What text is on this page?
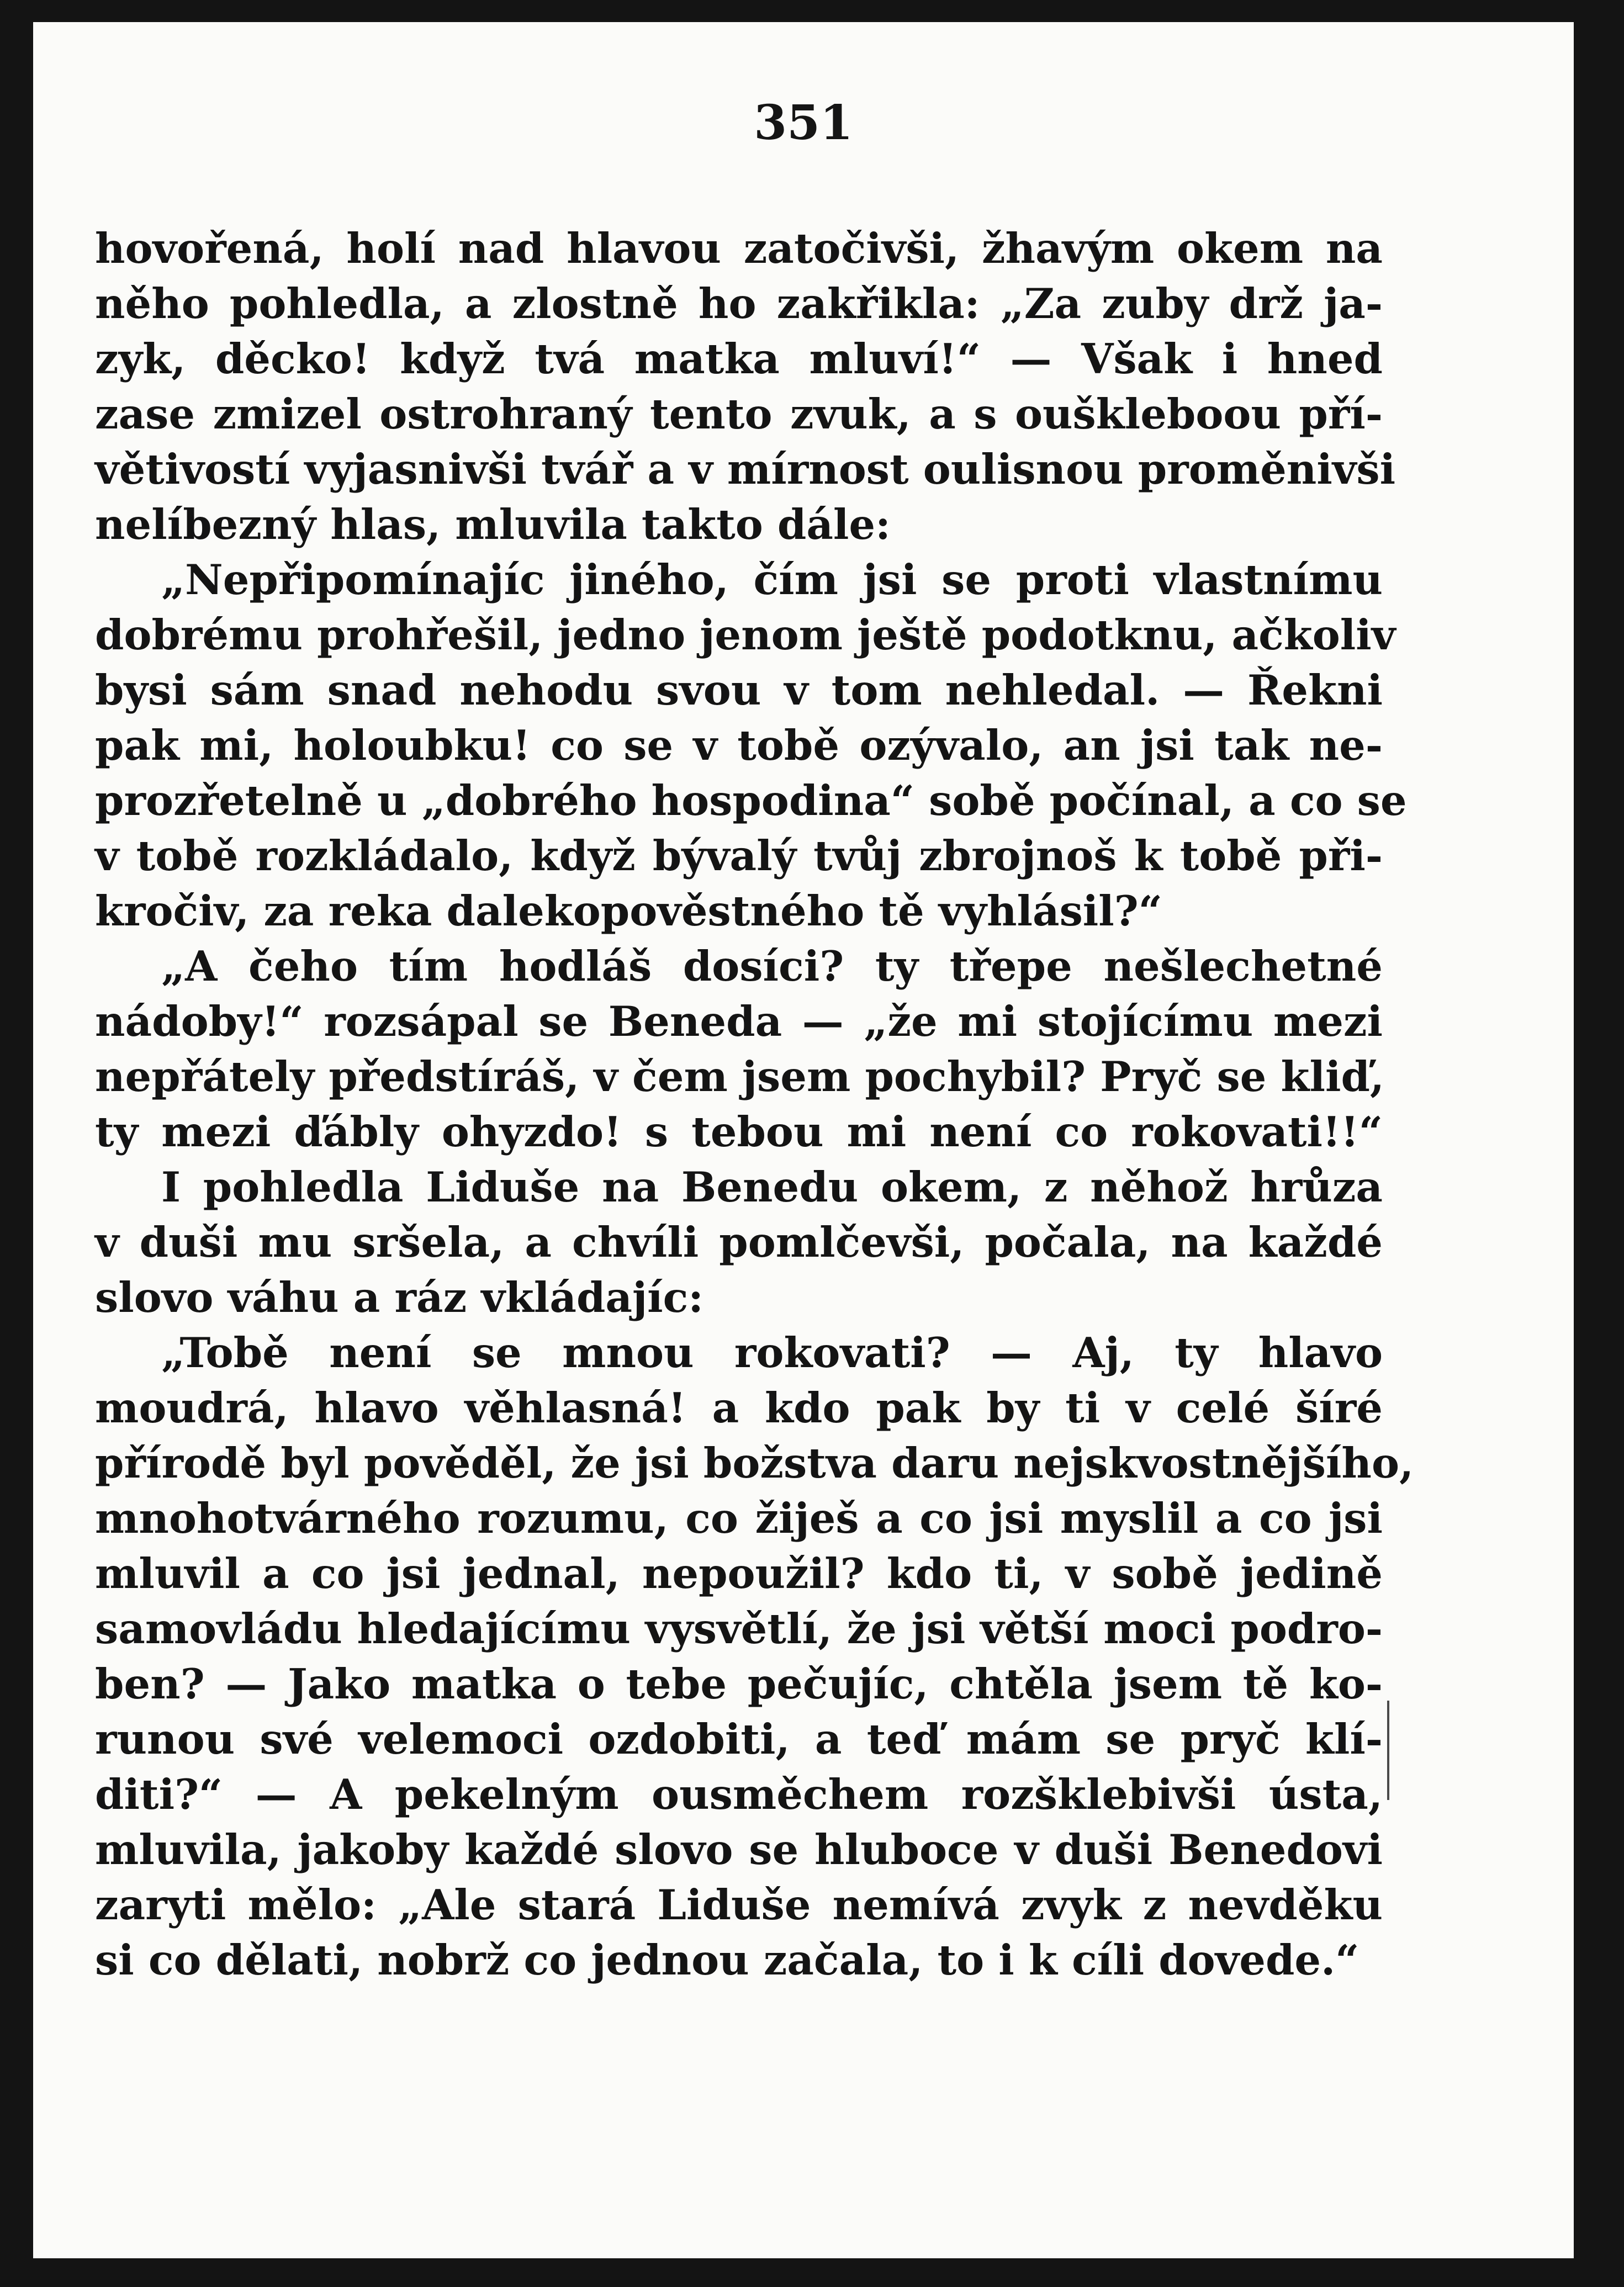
351
hovořená, holí nad hlavou zatočivši, žhavým okem na
něho pohledla, a zlostně ho zakřikla: „Za zuby drž ja-
zyk, děcko! když tvá matka mluví!“ — Však i hned
zase zmizel ostrohraný tento zvuk, a s ouškleboou pří-
větivostí vyjasnivši tvář a v mírnost oulisnou proměnivši
nelíbezný hlas, mluvila takto dále:
„Nepřipomínajíc jiného, čím jsi se proti vlastnímu
dobrému prohřešil, jedno jenom ještě podotknu, ačkoliv
bysi sám snad nehodu svou v tom nehledal. — Řekni
pak mi, holoubku! co se v tobě ozývalo, an jsi tak ne-
prozřetelně u „dobrého hospodina“ sobě počínal, a co se
v tobě rozkládalo, když bývalý tvůj zbrojnoš k tobě při-
kročiv, za reka dalekopověstného tě vyhlásil?“
„A čeho tím hodláš dosíci? ty třepe nešlechetné
nádoby!“ rozsápal se Beneda — „že mi stojícímu mezi
nepřátely předstíráš, v čem jsem pochybil? Pryč se kliď,
ty mezi ďábly ohyzdo! s tebou mi není co rokovati!!“
I pohledla Liduše na Benedu okem, z něhož hrůza
v duši mu sršela, a chvíli pomlčevši, počala, na každé
slovo váhu a ráz vkládajíc:
„Tobě není se mnou rokovati? — Aj, ty hlavo
moudrá, hlavo věhlasná! a kdo pak by ti v celé šíré
přírodě byl pověděl, že jsi božstva daru nejskvostnějšího,
mnohotvárného rozumu, co žiješ a co jsi myslil a co jsi
mluvil a co jsi jednal, nepoužil? kdo ti, v sobě jedině
samovládu hledajícímu vysvětlí, že jsi větší moci podro-
ben? — Jako matka o tebe pečujíc, chtěla jsem tě ko-
runou své velemoci ozdobiti, a teď mám se pryč klí-
diti?“ — A pekelným ousměchem rozšklebivši ústa,
mluvila, jakoby každé slovo se hluboce v duši Benedovi
zaryti mělo: „Ale stará Liduše nemívá zvyk z nevděku
si co dělati, nobrž co jednou začala, to i k cíli dovede.“
